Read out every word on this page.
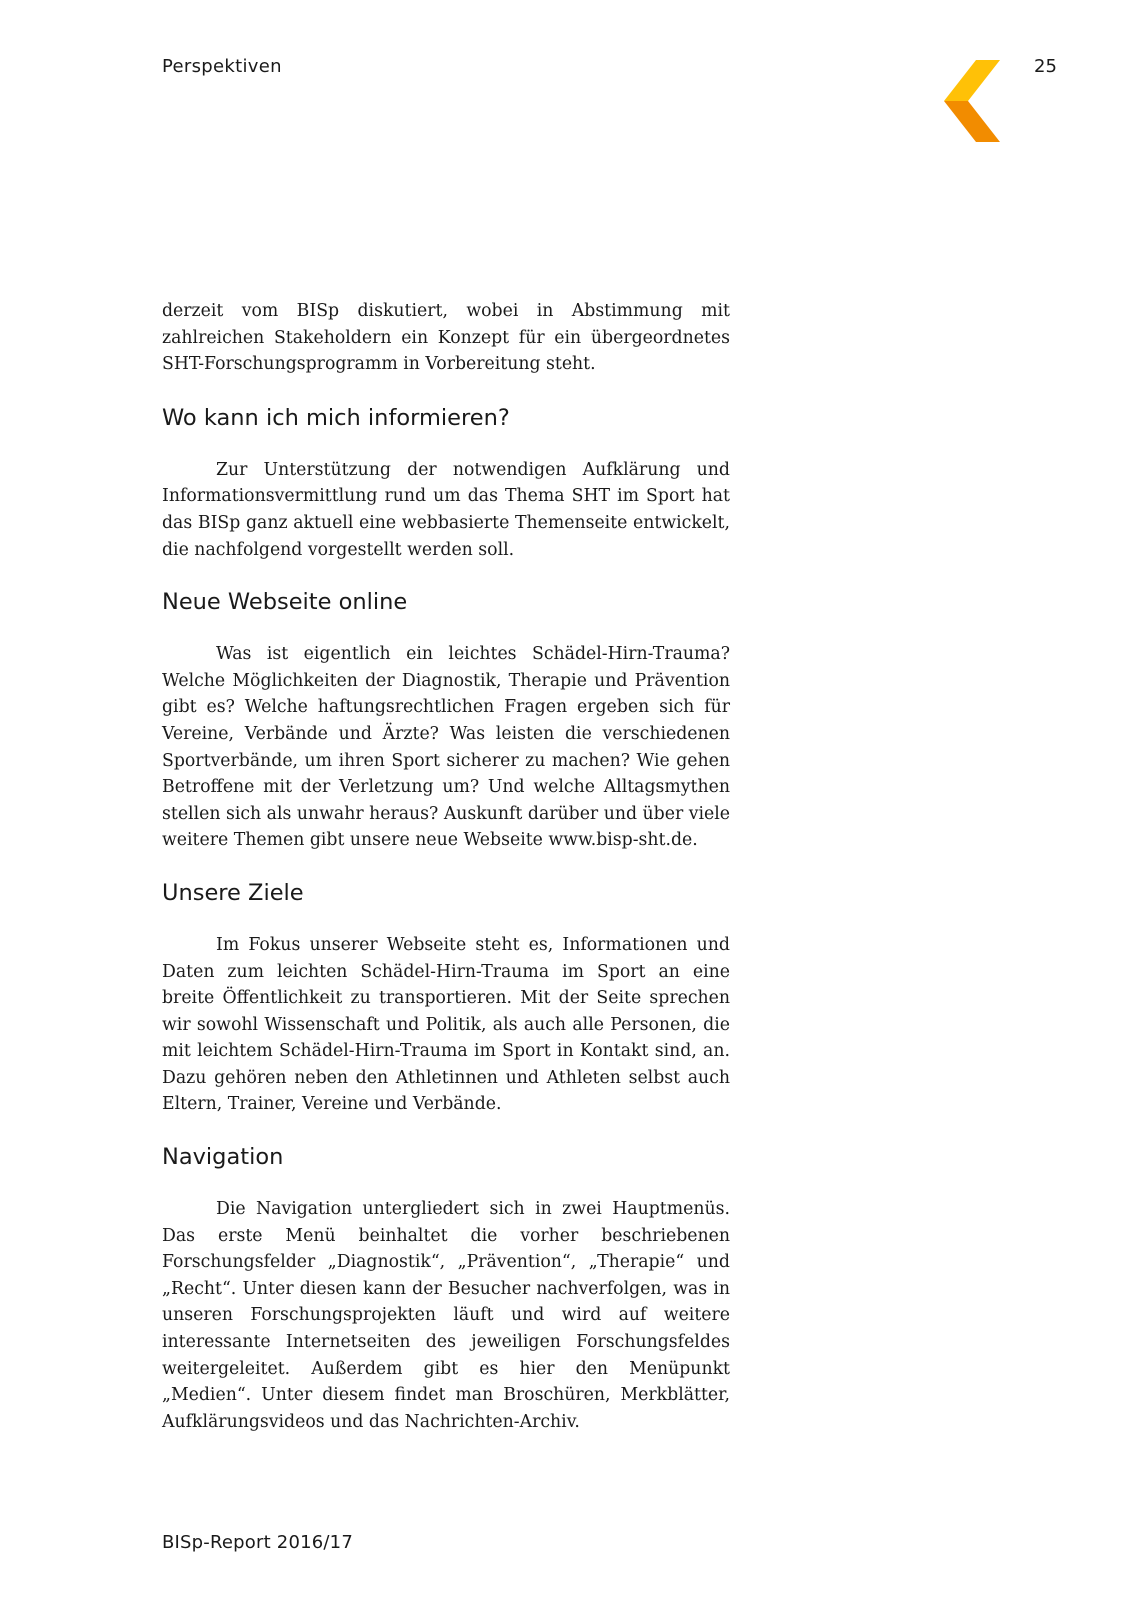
Perspektiven	25

derzeit vom BISp diskutiert, wobei in Abstimmung mit zahlreichen Stakeholdern ein Konzept für ein übergeordnetes SHT-Forschungsprogramm in Vorbereitung steht.

Wo kann ich mich informieren?

Zur Unterstützung der notwendigen Aufklärung und Informationsvermittlung rund um das Thema SHT im Sport hat das BISp ganz aktuell eine webbasierte Themenseite entwickelt, die nachfolgend vorgestellt werden soll.

Neue Webseite online

Was ist eigentlich ein leichtes Schädel-Hirn-Trauma? Welche Möglichkeiten der Diagnostik, Therapie und Prävention gibt es? Welche haftungsrechtlichen Fragen ergeben sich für Vereine, Verbände und Ärzte? Was leisten die verschiedenen Sportverbände, um ihren Sport sicherer zu machen? Wie gehen Betroffene mit der Verletzung um? Und welche Alltagsmythen stellen sich als unwahr heraus? Auskunft darüber und über viele weitere Themen gibt unsere neue Webseite www.bisp-sht.de.

Unsere Ziele

Im Fokus unserer Webseite steht es, Informationen und Daten zum leichten Schädel-Hirn-Trauma im Sport an eine breite Öffentlichkeit zu transportieren. Mit der Seite sprechen wir sowohl Wissenschaft und Politik, als auch alle Personen, die mit leichtem Schädel-Hirn-Trauma im Sport in Kontakt sind, an. Dazu gehören neben den Athletinnen und Athleten selbst auch Eltern, Trainer, Vereine und Verbände.

Navigation

Die Navigation untergliedert sich in zwei Hauptmenüs. Das erste Menü beinhaltet die vorher beschriebenen Forschungsfelder „Diagnostik“, „Prävention“, „Therapie“ und „Recht“. Unter diesen kann der Besucher nachverfolgen, was in unseren Forschungsprojekten läuft und wird auf weitere interessante Internetseiten des jeweiligen Forschungsfeldes weitergeleitet. Außerdem gibt es hier den Menüpunkt „Medien“. Unter diesem findet man Broschüren, Merkblätter, Aufklärungsvideos und das Nachrichten-Archiv.

BISp-Report 2016/17
